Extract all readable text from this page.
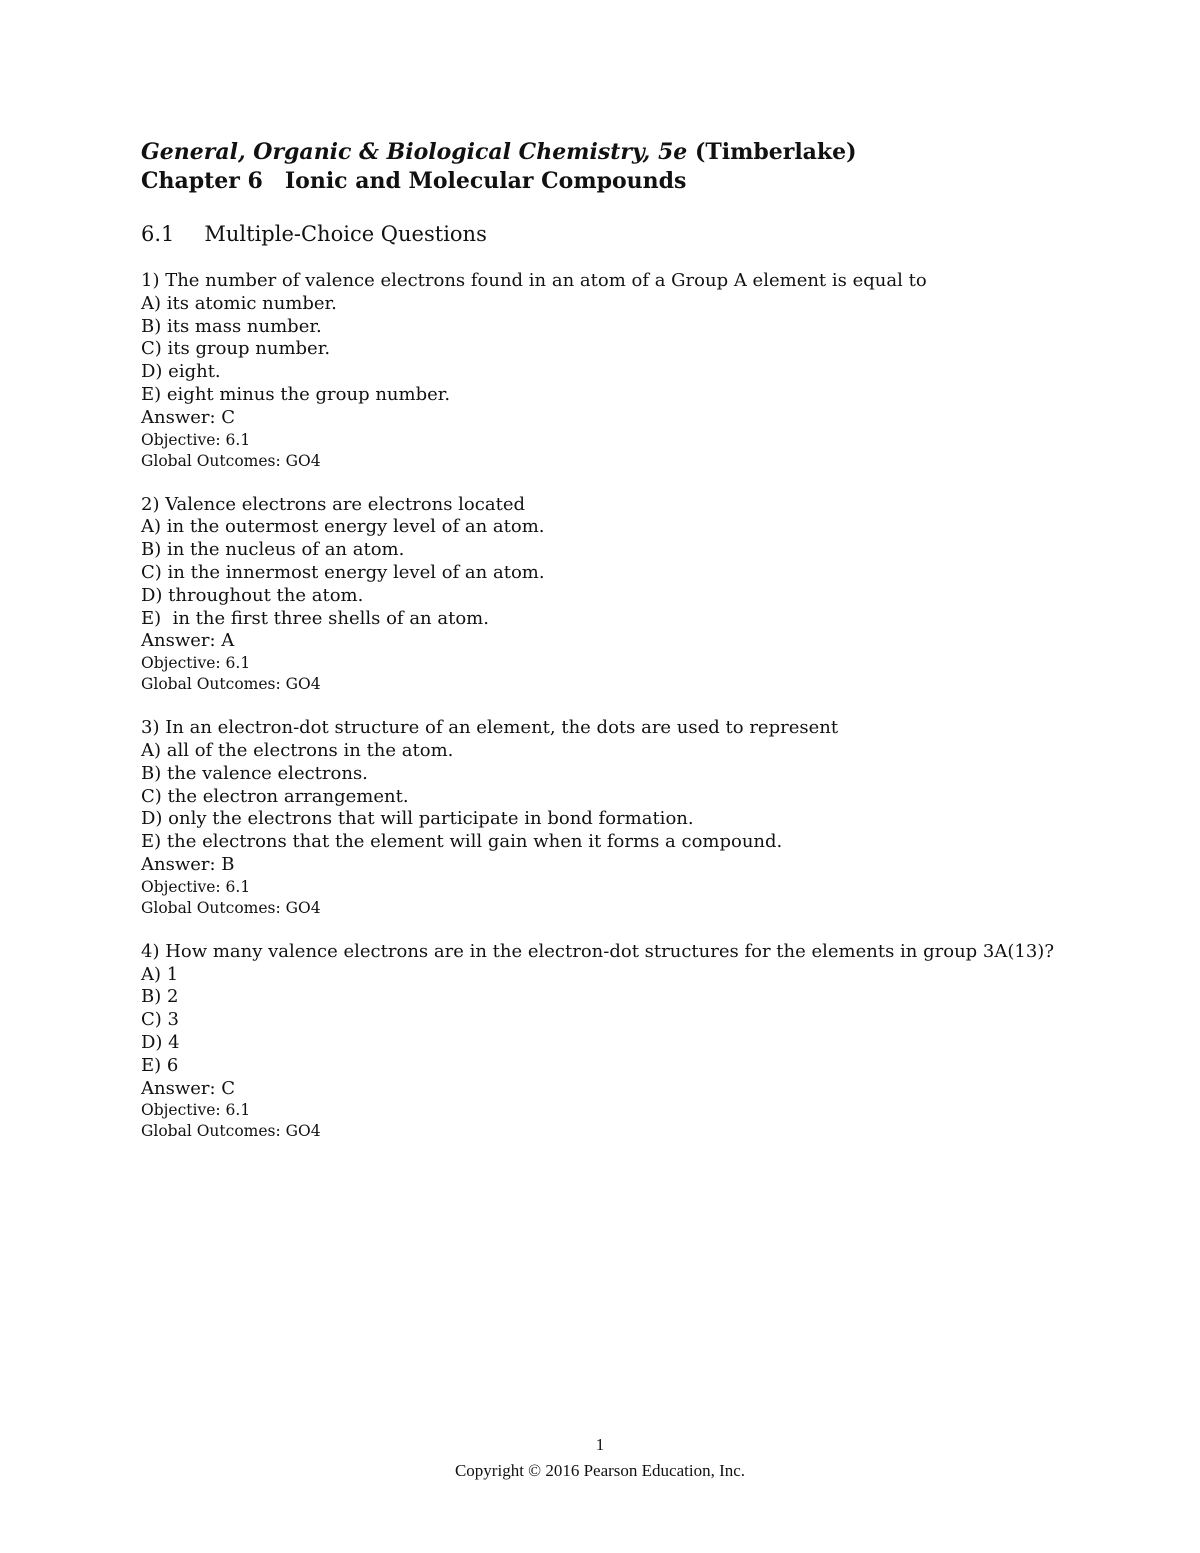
General, Organic & Biological Chemistry, 5e (Timberlake)

Chapter 6 Ionic and Molecular Compounds

6.1 Multiple-Choice Questions

1) The number of valence electrons found in an atom of a Group A element is equal to

A) its atomic number.

B) its mass number.

C) its group number.

D) eight.

E) eight minus the group number.

Answer: C

Objective: 6.1

Global Outcomes: GO4

2) Valence electrons are electrons located

A) in the outermost energy level of an atom.

B) in the nucleus of an atom.

C) in the innermost energy level of an atom.

D) throughout the atom.

E)  in the first three shells of an atom.

Answer: A

Objective: 6.1

Global Outcomes: GO4

3) In an electron-dot structure of an element, the dots are used to represent

A) all of the electrons in the atom.

B) the valence electrons.

C) the electron arrangement.

D) only the electrons that will participate in bond formation.

E) the electrons that the element will gain when it forms a compound.

Answer: B

Objective: 6.1

Global Outcomes: GO4

4) How many valence electrons are in the electron-dot structures for the elements in group 3A(13)?

A) 1

B) 2

C) 3

D) 4

E) 6

Answer: C

Objective: 6.1

Global Outcomes: GO4

1
Copyright © 2016 Pearson Education, Inc.
